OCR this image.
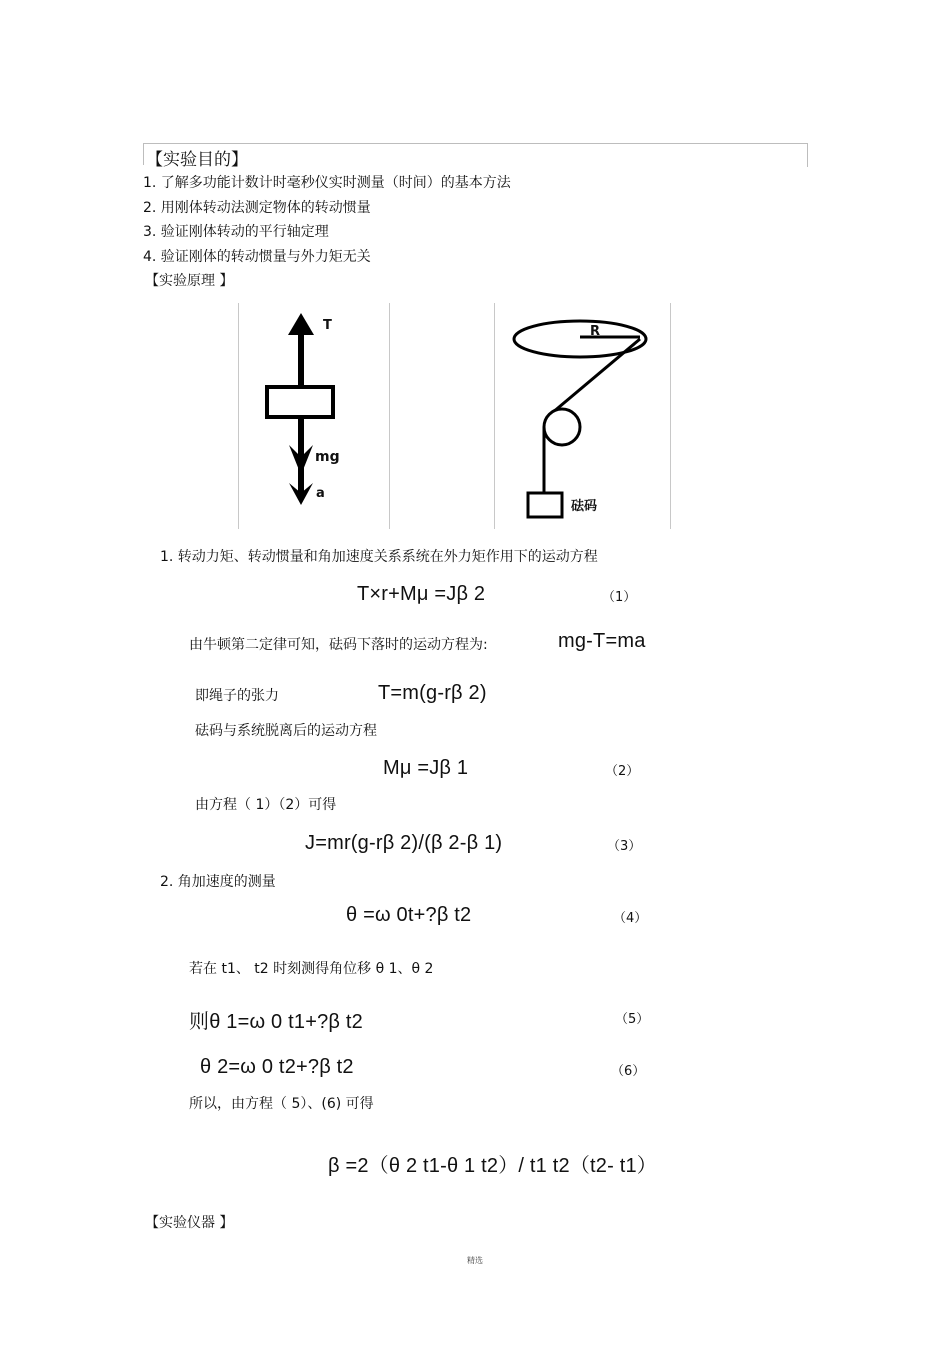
【实验目的】
1. 了解多功能计数计时毫秒仪实时测量（时间）的基本方法
2. 用刚体转动法测定物体的转动惯量
3. 验证刚体转动的平行轴定理
4. 验证刚体的转动惯量与外力矩无关
【实验原理 】
T
mg
a
R
砝码
1. 转动力矩、转动惯量和角加速度关系系统在外力矩作用下的运动方程
T×r+Mμ =Jβ 2	（1）
由牛顿第二定律可知，砝码下落时的运动方程为:	mg-T=ma
即绳子的张力	T=m(g-rβ 2)
砝码与系统脱离后的运动方程
Mμ =Jβ 1	（2）
由方程（ 1）（2）可得
J=mr(g-rβ 2)/(β 2-β 1)	（3）
2. 角加速度的测量
θ =ω 0t+?β t2	（4）
若在 t1、 t2 时刻测得角位移 θ 1、θ 2
则θ 1=ω 0 t1+?β t2	（5）
θ 2=ω 0 t2+?β t2	（6）
所以，由方程（ 5）、(6) 可得
β =2（θ 2 t1-θ 1 t2）/ t1 t2（t2- t1）
【实验仪器 】
精选
